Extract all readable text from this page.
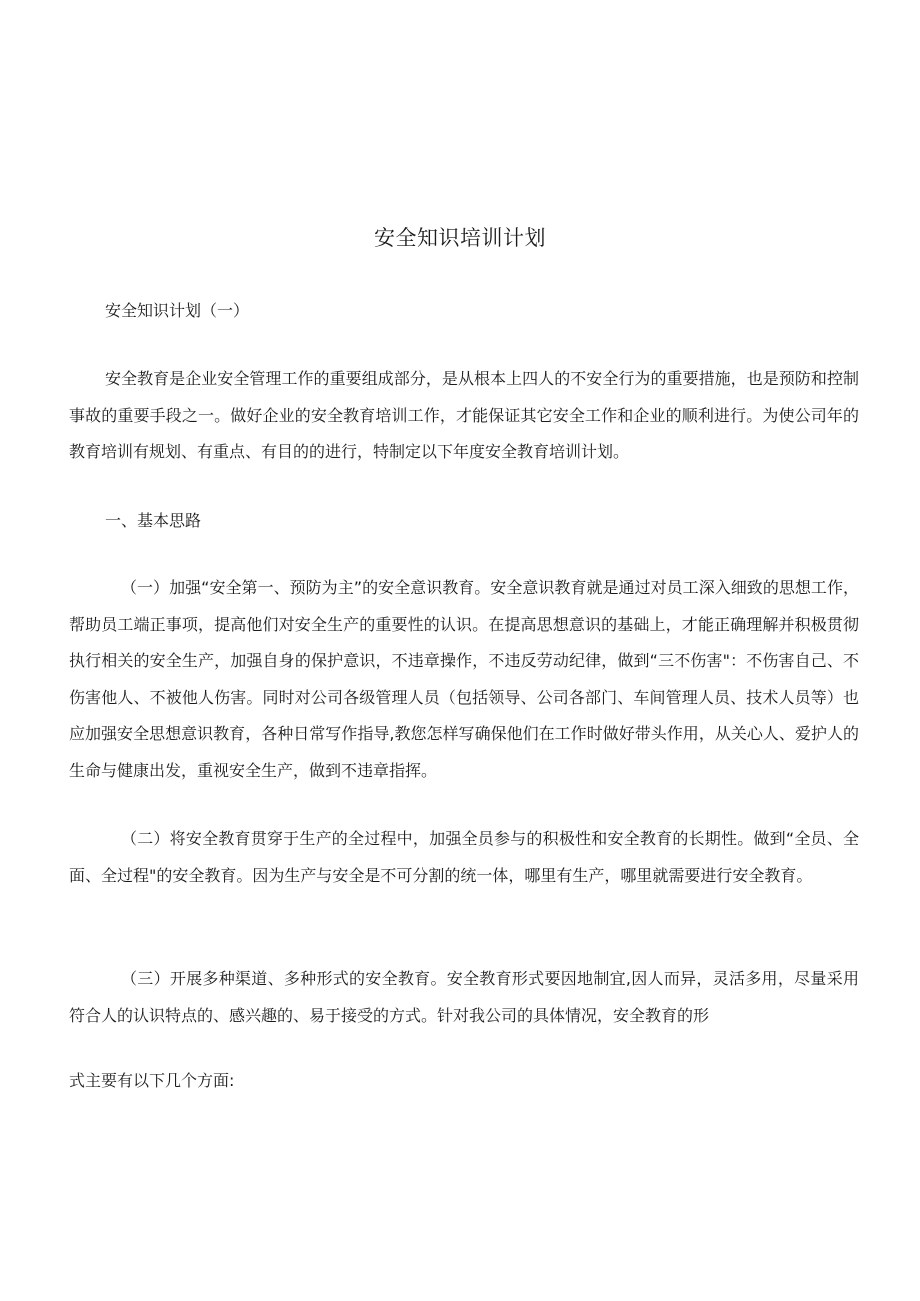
安全知识培训计划
安全知识计划（一）

安全教育是企业安全管理工作的重要组成部分，是从根本上四人的不安全行为的重要措施，也是预防和控制事故的重要手段之一。做好企业的安全教育培训工作，才能保证其它安全工作和企业的顺利进行。为使公司年的教育培训有规划、有重点、有目的的进行，特制定以下年度安全教育培训计划。

一、基本思路

（一）加强“安全第一、预防为主”的安全意识教育。安全意识教育就是通过对员工深入细致的思想工作，帮助员工端正事项，提高他们对安全生产的重要性的认识。在提高思想意识的基础上，才能正确理解并积极贯彻执行相关的安全生产，加强自身的保护意识，不违章操作，不违反劳动纪律，做到“三不伤害"：不伤害自己、不伤害他人、不被他人伤害。同时对公司各级管理人员（包括领导、公司各部门、车间管理人员、技术人员等）也应加强安全思想意识教育，各种日常写作指导,教您怎样写确保他们在工作时做好带头作用，从关心人、爱护人的生命与健康出发，重视安全生产，做到不违章指挥。

（二）将安全教育贯穿于生产的全过程中，加强全员参与的积极性和安全教育的长期性。做到“全员、全面、全过程"的安全教育。因为生产与安全是不可分割的统一体，哪里有生产，哪里就需要进行安全教育。

（三）开展多种渠道、多种形式的安全教育。安全教育形式要因地制宜,因人而异，灵活多用，尽量采用符合人的认识特点的、感兴趣的、易于接受的方式。针对我公司的具体情况，安全教育的形

式主要有以下几个方面:
